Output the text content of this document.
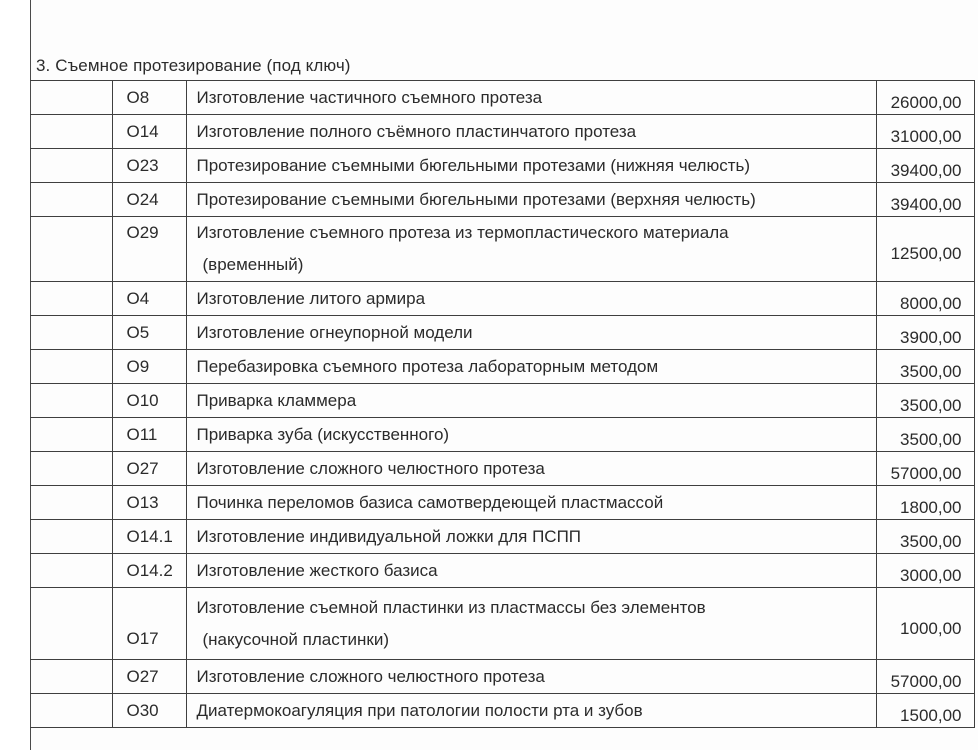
3. Съемное протезирование (под ключ)
	О8	Изготовление частичного съемного протеза	26000,00
	О14	Изготовление полного съёмного пластинчатого протеза	31000,00
	О23	Протезирование съемными бюгельными протезами (нижняя челюсть)	39400,00
	О24	Протезирование съемными бюгельными протезами (верхняя челюсть)	39400,00
	О29	Изготовление съемного протеза из термопластического материала
(временный)	12500,00
	О4	Изготовление литого армира	8000,00
	О5	Изготовление огнеупорной модели	3900,00
	О9	Перебазировка съемного протеза лабораторным методом	3500,00
	О10	Приварка кламмера	3500,00
	О11	Приварка зуба (искусственного)	3500,00
	О27	Изготовление сложного челюстного протеза	57000,00
	О13	Починка переломов базиса самотвердеющей пластмассой	1800,00
	О14.1	Изготовление индивидуальной ложки для ПСПП	3500,00
	О14.2	Изготовление жесткого базиса	3000,00
	О17	Изготовление съемной пластинки из пластмассы без элементов
(накусочной пластинки)	1000,00
	О27	Изготовление сложного челюстного протеза	57000,00
	О30	Диатермокоагуляция при патологии полости рта и зубов	1500,00
